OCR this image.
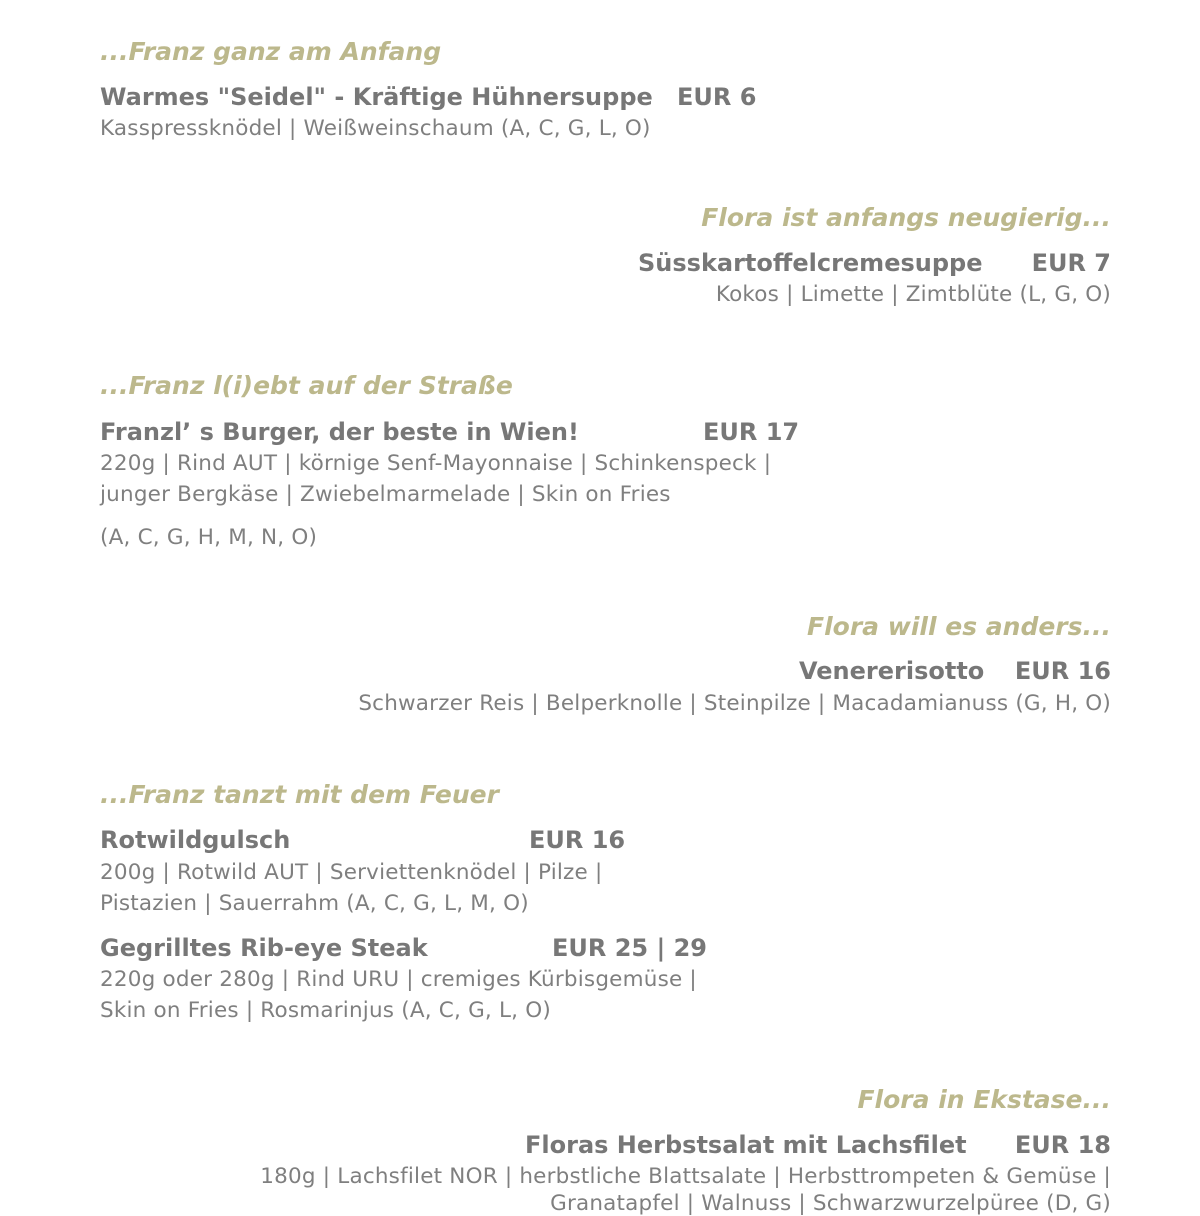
...Franz ganz am Anfang
Warmes "Seidel" - Kräftige Hühnersuppe EUR 6
Kasspressknödel | Weißweinschaum (A, C, G, L, O)
Flora ist anfangs neugierig...
Süsskartoffelcremesuppe EUR 7
Kokos | Limette | Zimtblüte (L, G, O)
...Franz l(i)ebt auf der Straße
Franzl’ s Burger, der beste in Wien!	EUR 17
220g | Rind AUT | körnige Senf-Mayonnaise | Schinkenspeck |
junger Bergkäse | Zwiebelmarmelade | Skin on Fries
(A, C, G, H, M, N, O)
Flora will es anders...
Venererisotto EUR 16
Schwarzer Reis | Belperknolle | Steinpilze | Macadamianuss (G, H, O)
...Franz tanzt mit dem Feuer
Rotwildgulsch	EUR 16
200g | Rotwild AUT | Serviettenknödel | Pilze |
Pistazien | Sauerrahm (A, C, G, L, M, O)
Gegrilltes Rib-eye Steak	EUR 25 | 29
220g oder 280g | Rind URU | cremiges Kürbisgemüse |
Skin on Fries | Rosmarinjus (A, C, G, L, O)
Flora in Ekstase...
Floras Herbstsalat mit Lachsfilet EUR 18
180g | Lachsfilet NOR | herbstliche Blattsalate | Herbsttrompeten & Gemüse |
Granatapfel | Walnuss | Schwarzwurzelpüree (D, G)
